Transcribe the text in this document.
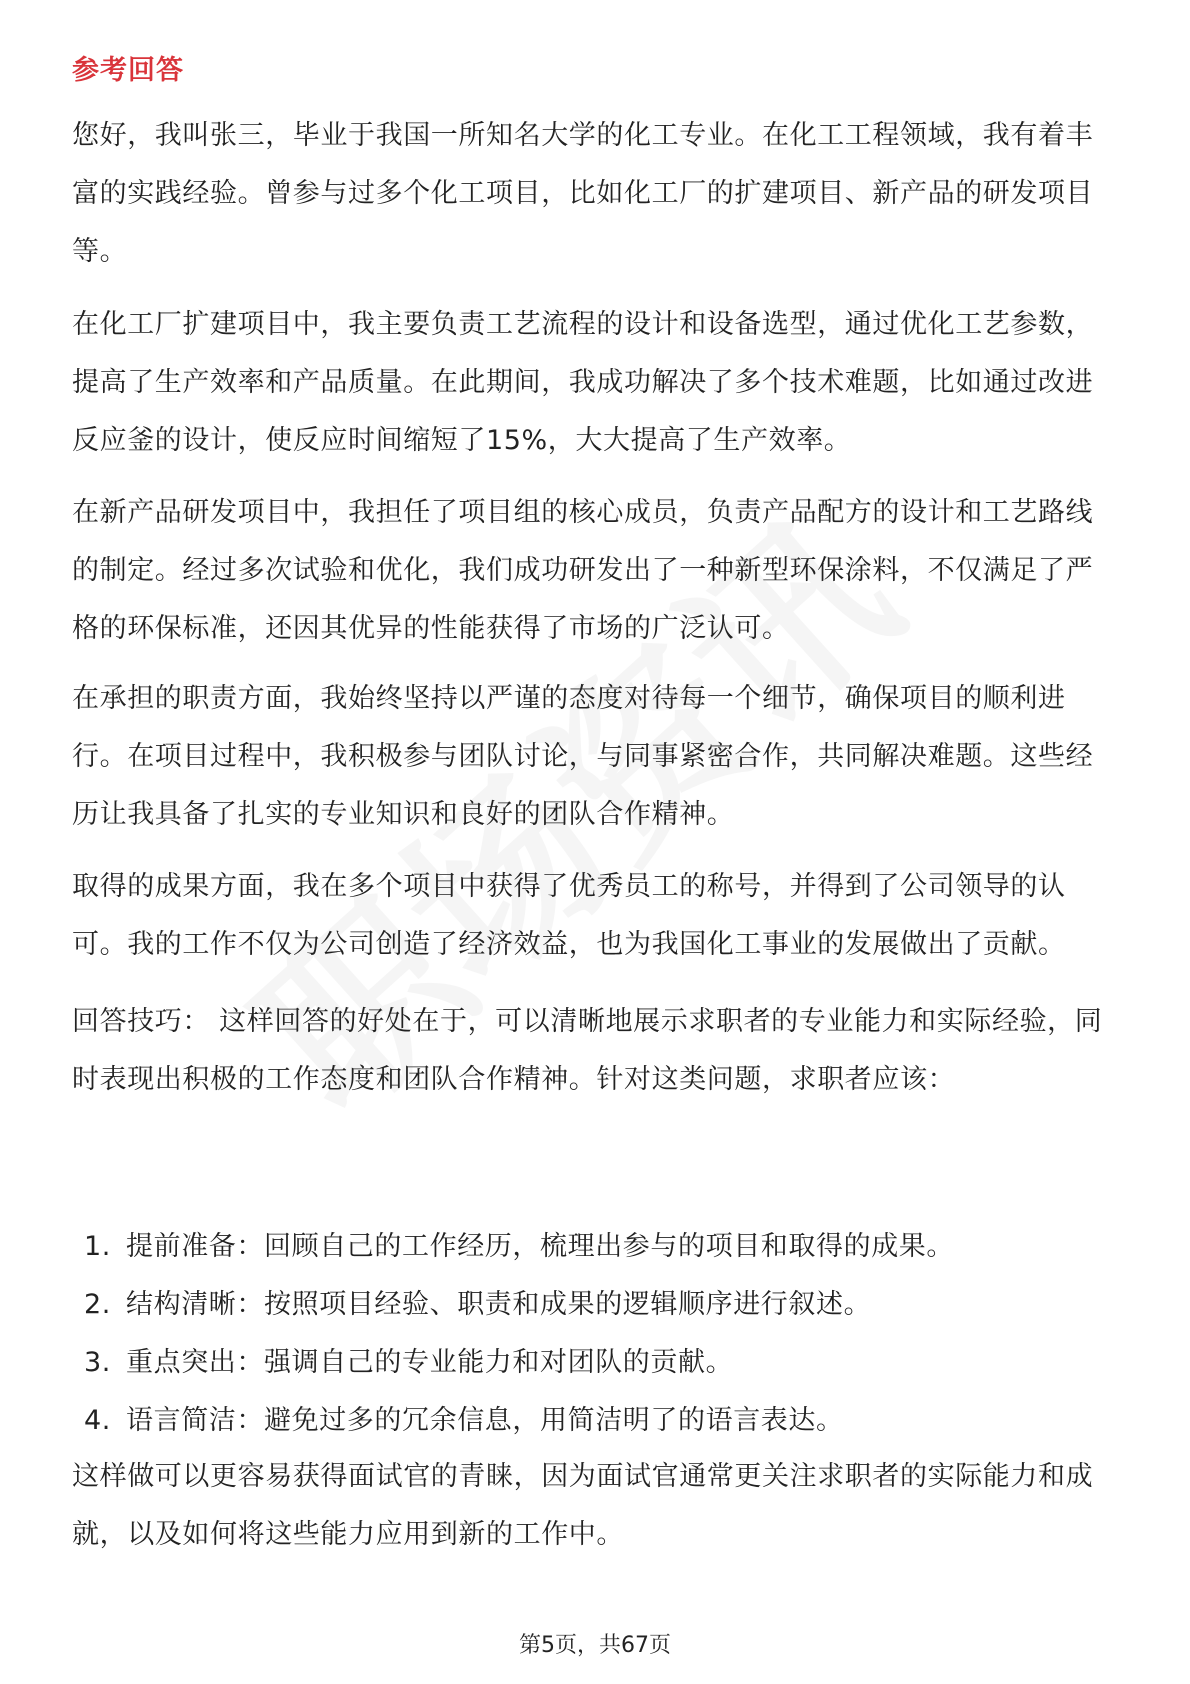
参考回答

您好，我叫张三，毕业于我国一所知名大学的化工专业。在化工工程领域，我有着丰富的实践经验。曾参与过多个化工项目，比如化工厂的扩建项目、新产品的研发项目等。

在化工厂扩建项目中，我主要负责工艺流程的设计和设备选型，通过优化工艺参数，提高了生产效率和产品质量。在此期间，我成功解决了多个技术难题，比如通过改进反应釜的设计，使反应时间缩短了15%，大大提高了生产效率。

在新产品研发项目中，我担任了项目组的核心成员，负责产品配方的设计和工艺路线的制定。经过多次试验和优化，我们成功研发出了一种新型环保涂料，不仅满足了严格的环保标准，还因其优异的性能获得了市场的广泛认可。

在承担的职责方面，我始终坚持以严谨的态度对待每一个细节，确保项目的顺利进行。在项目过程中，我积极参与团队讨论，与同事紧密合作，共同解决难题。这些经历让我具备了扎实的专业知识和良好的团队合作精神。

取得的成果方面，我在多个项目中获得了优秀员工的称号，并得到了公司领导的认可。我的工作不仅为公司创造了经济效益，也为我国化工事业的发展做出了贡献。

回答技巧： 这样回答的好处在于，可以清晰地展示求职者的专业能力和实际经验，同时表现出积极的工作态度和团队合作精神。针对这类问题，求职者应该：

1. 提前准备：回顾自己的工作经历，梳理出参与的项目和取得的成果。
2. 结构清晰：按照项目经验、职责和成果的逻辑顺序进行叙述。
3. 重点突出：强调自己的专业能力和对团队的贡献。
4. 语言简洁：避免过多的冗余信息，用简洁明了的语言表达。

这样做可以更容易获得面试官的青睐，因为面试官通常更关注求职者的实际能力和成就，以及如何将这些能力应用到新的工作中。

第5页，共67页
